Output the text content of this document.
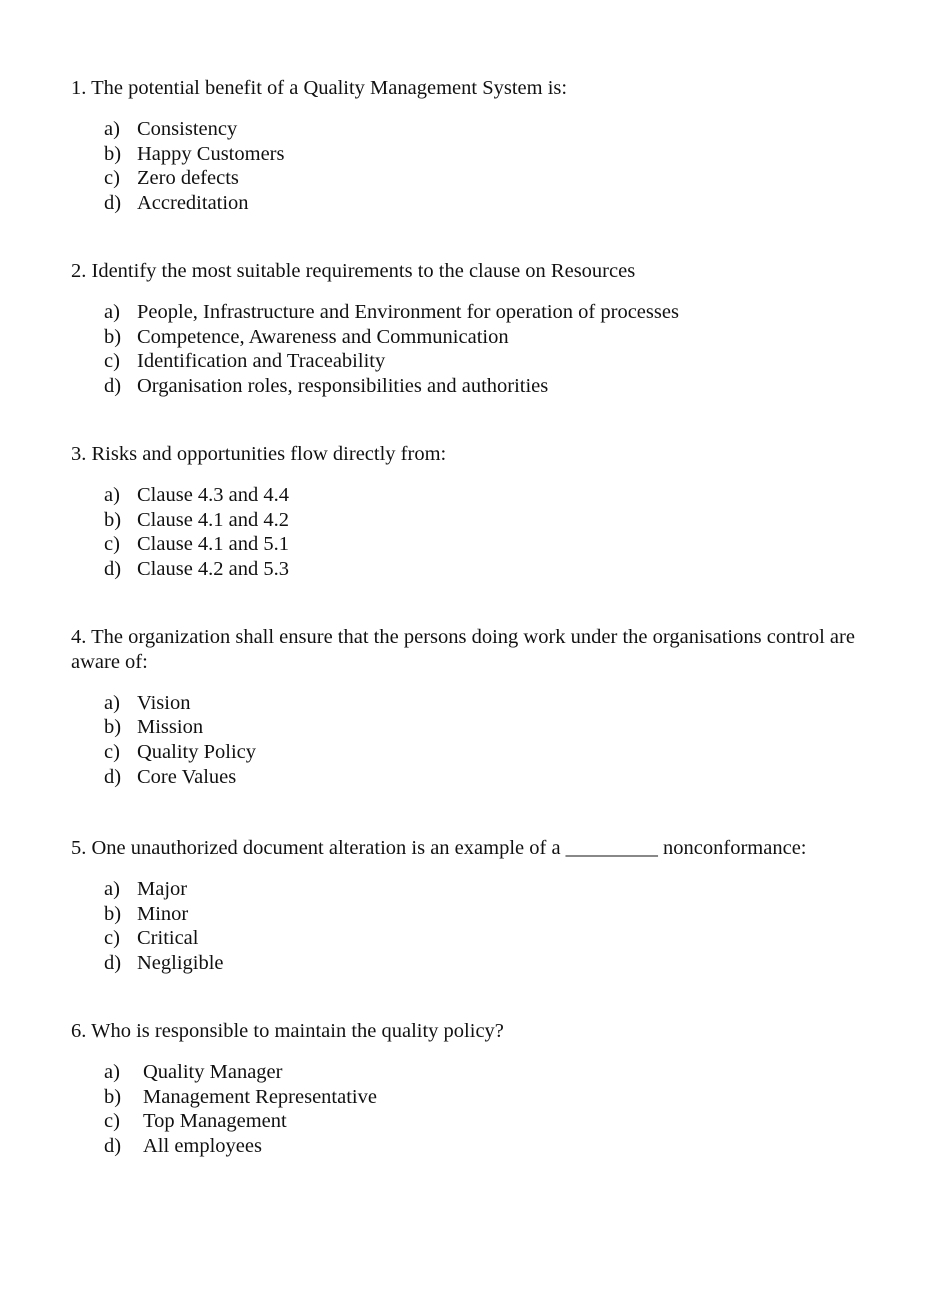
1. The potential benefit of a Quality Management System is:

a) Consistency
b) Happy Customers
c) Zero defects
d) Accreditation

2. Identify the most suitable requirements to the clause on Resources

a) People, Infrastructure and Environment for operation of processes
b) Competence, Awareness and Communication
c) Identification and Traceability
d) Organisation roles, responsibilities and authorities

3. Risks and opportunities flow directly from:

a) Clause 4.3 and 4.4
b) Clause 4.1 and 4.2
c) Clause 4.1 and 5.1
d) Clause 4.2 and 5.3

4. The organization shall ensure that the persons doing work under the organisations control are aware of:

a) Vision
b) Mission
c) Quality Policy
d) Core Values

5. One unauthorized document alteration is an example of a _________ nonconformance:

a) Major
b) Minor
c) Critical
d) Negligible

6. Who is responsible to maintain the quality policy?

a)	Quality Manager
b)	Management Representative
c)	Top Management
d)	All employees
